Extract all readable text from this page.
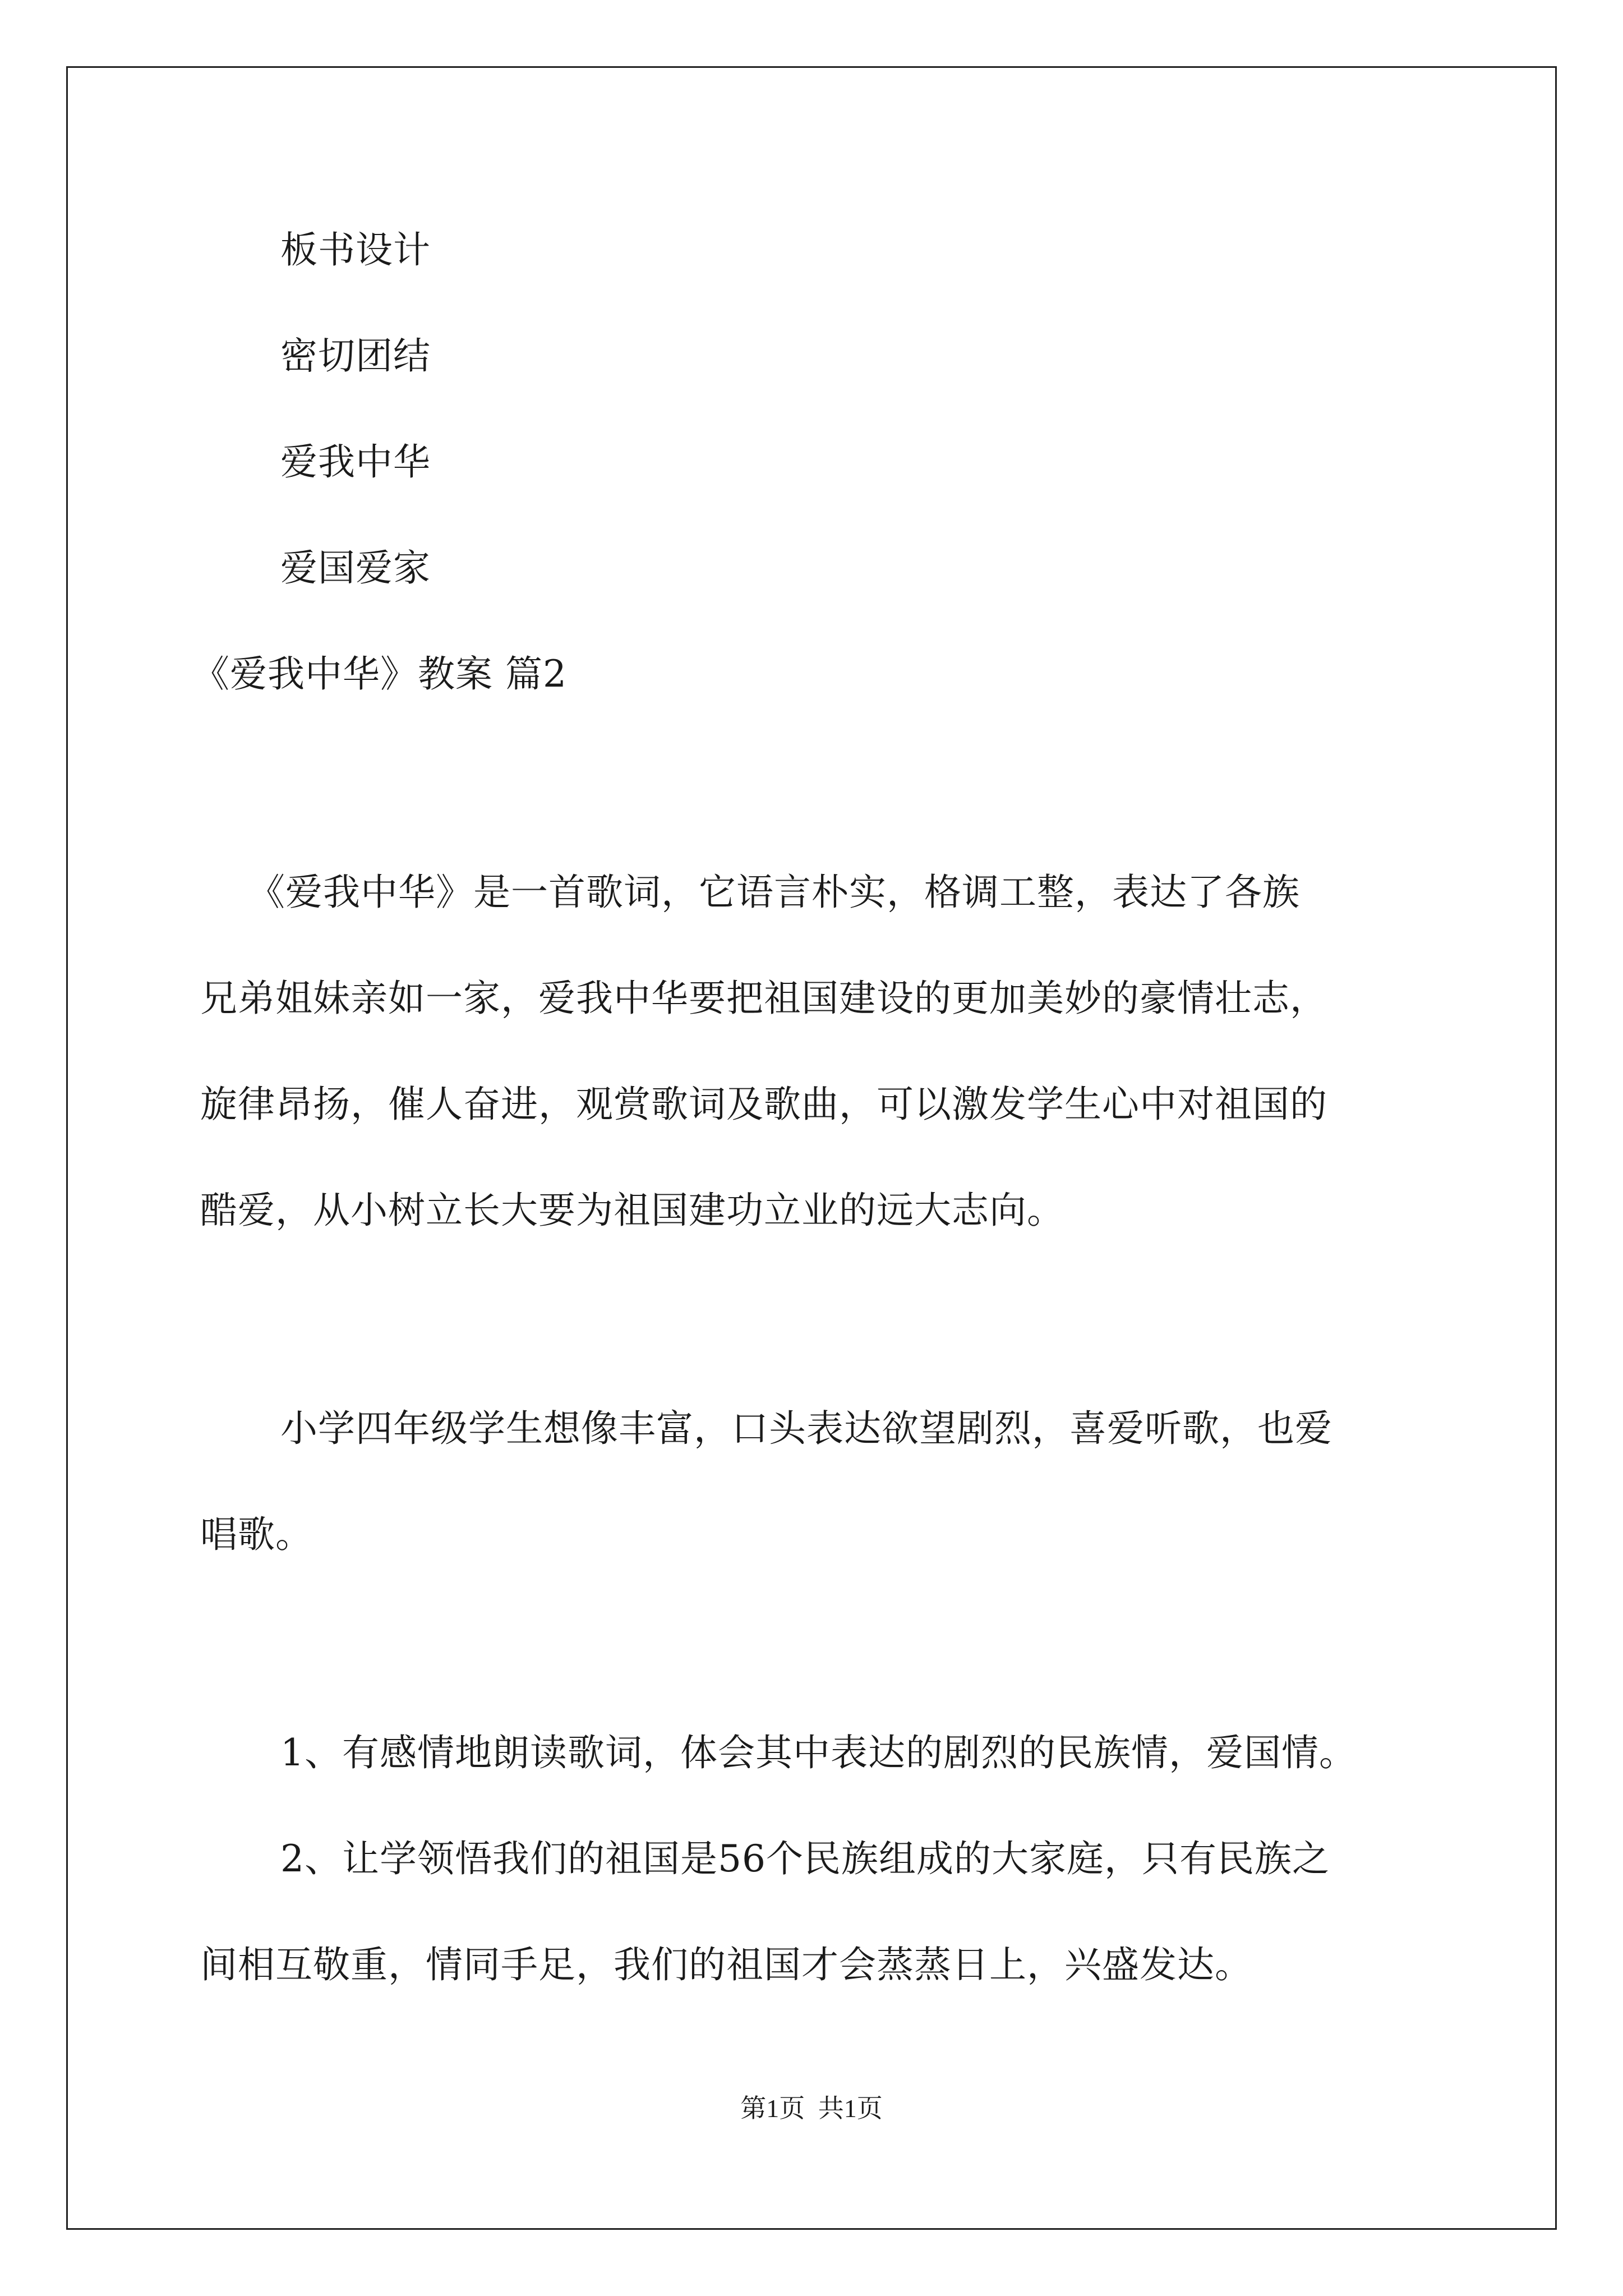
板书设计
密切团结
爱我中华
爱国爱家
《爱我中华》教案 篇2
《爱我中华》是一首歌词，它语言朴实，格调工整，表达了各族
兄弟姐妹亲如一家，爱我中华要把祖国建设的更加美妙的豪情壮志，
旋律昂扬，催人奋进，观赏歌词及歌曲，可以激发学生心中对祖国的
酷爱，从小树立长大要为祖国建功立业的远大志向。
小学四年级学生想像丰富，口头表达欲望剧烈，喜爱听歌，也爱
唱歌。
1、有感情地朗读歌词，体会其中表达的剧烈的民族情，爱国情。
2、让学领悟我们的祖国是56个民族组成的大家庭，只有民族之
间相互敬重，情同手足，我们的祖国才会蒸蒸日上，兴盛发达。
第1页 共1页
